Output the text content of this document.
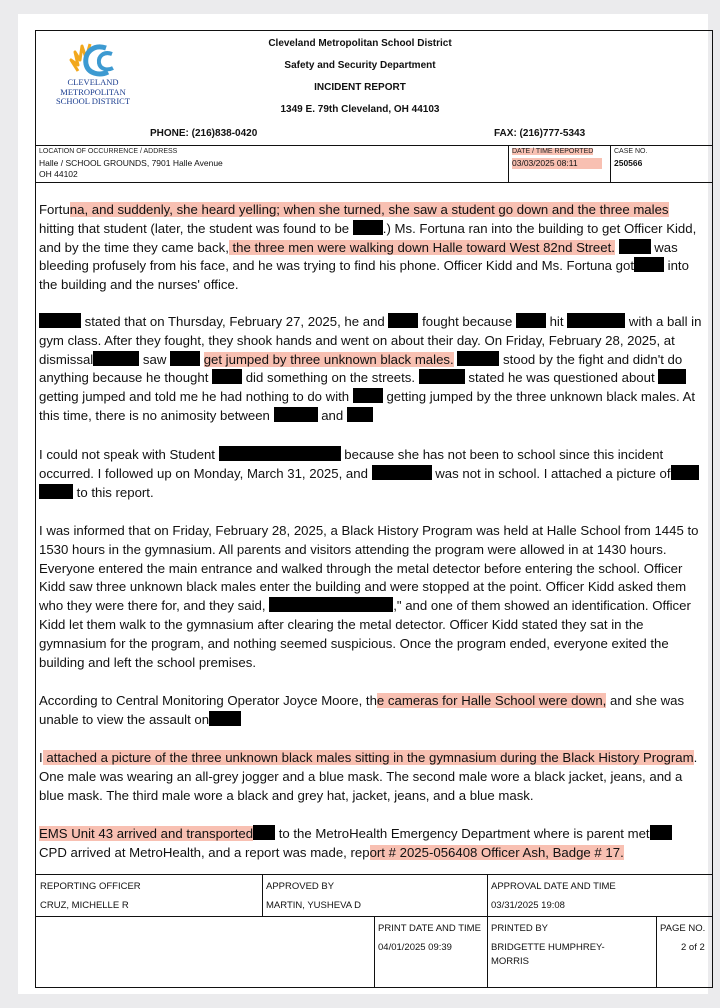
CLEVELAND
METROPOLITAN
SCHOOL DISTRICT
Cleveland Metropolitan School District
Safety and Security Department
INCIDENT REPORT
1349 E. 79th Cleveland, OH 44103
PHONE: (216)838-0420	FAX: (216)777-5343
LOCATION OF OCCURRENCE / ADDRESS
Halle / SCHOOL GROUNDS, 7901 Halle Avenue
OH 44102
DATE / TIME REPORTED
03/03/2025 08:11
CASE NO.
250566
Fortuna, and suddenly, she heard yelling; when she turned, she saw a student go down and the three males
hitting that student (later, the student was found to be .) Ms. Fortuna ran into the building to get Officer Kidd,
and by the time they came back, the three men were walking down Halle toward West 82nd Street.	was
bleeding profusely from his face, and he was trying to find his phone. Officer Kidd and Ms. Fortuna got into
the building and the nurses' office.
stated that on Thursday, February 27, 2025, he and  fought because  hit	with a ball in
gym class. After they fought, they shook hands and went on about their day. On Friday, February 28, 2025, at
dismissal	saw	get jumped by three unknown black males.	stood by the fight and didn't do
anything because he thought  did something on the streets.	stated he was questioned about
getting jumped and told me he had nothing to do with  getting jumped by the three unknown black males. At
this time, there is no animosity between	and
I could not speak with Student	because she has not been to school since this incident
occurred. I followed up on Monday, March 31, 2025, and	was not in school. I attached a picture of
to this report.
I was informed that on Friday, February 28, 2025, a Black History Program was held at Halle School from 1445 to
1530 hours in the gymnasium. All parents and visitors attending the program were allowed in at 1430 hours.
Everyone entered the main entrance and walked through the metal detector before entering the school. Officer
Kidd saw three unknown black males enter the building and were stopped at the point. Officer Kidd asked them
who they were there for, and they said,	," and one of them showed an identification. Officer
Kidd let them walk to the gymnasium after clearing the metal detector. Officer Kidd stated they sat in the
gymnasium for the program, and nothing seemed suspicious. Once the program ended, everyone exited the
building and left the school premises.
According to Central Monitoring Operator Joyce Moore, the cameras for Halle School were down, and she was
unable to view the assault on
I attached a picture of the three unknown black males sitting in the gymnasium during the Black History Program.
One male was wearing an all-grey jogger and a blue mask. The second male wore a black jacket, jeans, and a
blue mask. The third male wore a black and grey hat, jacket, jeans, and a blue mask.
EMS Unit 43 arrived and transported to the MetroHealth Emergency Department where is parent met
CPD arrived at MetroHealth, and a report was made, report # 2025-056408 Officer Ash, Badge # 17.
REPORTING OFFICER
CRUZ, MICHELLE R
APPROVED BY
MARTIN, YUSHEVA D
APPROVAL DATE AND TIME
03/31/2025 19:08
PRINT DATE AND TIME
04/01/2025 09:39
PRINTED BY
BRIDGETTE HUMPHREY-
MORRIS
PAGE NO.
2 of 2
